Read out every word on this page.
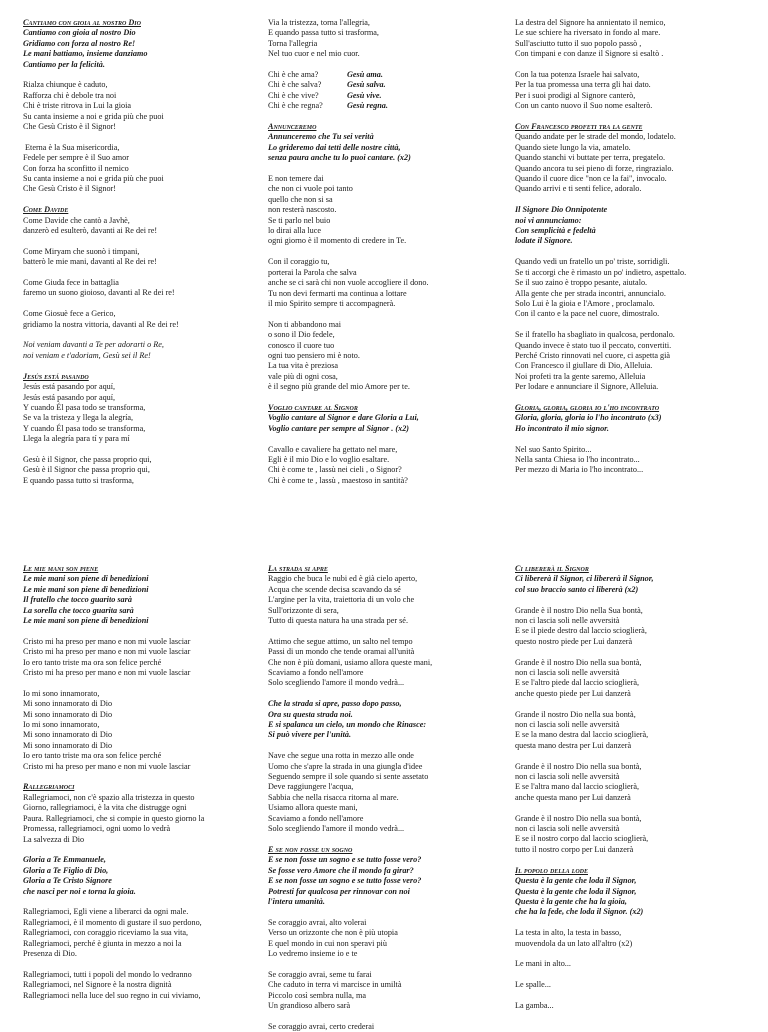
Cantiamo con gioia al nostro Dio
Cantiamo con gioia al nostro Dio
Gridiamo con forza al nostro Re!
Le mani battiamo, insieme danziamo
Cantiamo per la felicità.
Rialza chiunque è caduto,
Rafforza chi è debole tra noi
Chi è triste ritrova in Lui la gioia
Su canta insieme a noi e grida più che puoi
Che Gesù Cristo è il Signor!
Eterna è la Sua misericordia,
Fedele per sempre è il Suo amor
Con forza ha sconfitto il nemico
Su canta insieme a noi e grida più che puoi
Che Gesù Cristo è il Signor!
Come Davide
Come Davide che cantò a Javhè,
danzerò ed esulterò, davanti ai Re dei re!
Come Miryam che suonò i timpani,
batterò le mie mani, davanti al Re dei re!
Come Giuda fece in battaglia
faremo un suono gioioso, davanti al Re dei re!
Come Giosuè fece a Gerico,
gridiamo la nostra vittoria, davanti al Re dei re!
Noi veniam davanti a Te per adorarti o Re,
noi veniam e t'adoriam, Gesù sei il Re!
Jesús está pasando
Jesús está pasando por aquí,
Jesús está pasando por aquí,
Y cuando Él pasa todo se transforma,
Se va la tristeza y llega la alegría,
Y cuando Él pasa todo se transforma,
Llega la alegría para tí y para mí
Gesù è il Signor, che passa proprio qui,
Gesù è il Signor che passa proprio qui,
E quando passa tutto si trasforma,
Via la tristezza, torna l'allegria,
E quando passa tutto si trasforma,
Torna l'allegria
Nel tuo cuor e nel mio cuor.
Chi è che ama?	Gesù ama.
Chi è che salva?	Gesù salva.
Chi è che vive?	Gesù vive.
Chi è che regna?	Gesù regna.
Annunceremo
Annunceremo che Tu sei verità
Lo grideremo dai tetti delle nostre città,
senza paura anche tu lo puoi cantare. (x2)
E non temere dai
che non ci vuole poi tanto
quello che non si sa
non resterà nascosto.
Se ti parlo nel buio
lo dirai alla luce
ogni giorno è il momento di credere in Te.
Con il coraggio tu,
porterai la Parola che salva
anche se ci sarà chi non vuole accogliere il dono.
Tu non devi fermarti ma continua a lottare
il mio Spirito sempre ti accompagnerà.
Non ti abbandono mai
o sono il Dio fedele,
conosco il cuore tuo
ogni tuo pensiero mi è noto.
La tua vita è preziosa
vale più di ogni cosa,
è il segno più grande del mio Amore per te.
Voglio cantare al Signor
Voglio cantare al Signor e dare Gloria a Lui,
Voglio cantare per sempre al Signor . (x2)
Cavallo e cavaliere ha gettato nel mare,
Egli è il mio Dio e lo voglio esaltare.
Chi è come te , lassù nei cieli , o Signor?
Chi è come te , lassù , maestoso in santità?
La destra del Signore ha annientato il nemico,
Le sue schiere ha riversato in fondo al mare.
Sull'asciutto tutto il suo popolo passò ,
Con timpani e con danze il Signore si esaltò .
Con la tua potenza Israele hai salvato,
Per la tua promessa una terra gli hai dato.
Per i suoi prodigi al Signore canterò,
Con un canto nuovo il Suo nome esalterò.
Con Francesco profeti tra la gente
Quando andate per le strade del mondo, lodatelo.
Quando siete lungo la via, amatelo.
Quando stanchi vi buttate per terra, pregatelo.
Quando ancora tu sei pieno di forze, ringrazialo.
Quando il cuore dice "non ce la fai", invocalo.
Quando arrivi e ti senti felice, adoralo.
Il Signore Dio Onnipotente
noi vi annunciamo:
Con semplicità e fedeltà
lodate il Signore.
Quando vedi un fratello un po' triste, sorridigli.
Se ti accorgi che è rimasto un po' indietro, aspettalo.
Se il suo zaino è troppo pesante, aiutalo.
Alla gente che per strada incontri, annuncialo.
Solo Lui è la gioia e l'Amore , proclamalo.
Con il canto e la pace nel cuore, dimostralo.
Se il fratello ha sbagliato in qualcosa, perdonalo.
Quando invece è stato tuo il peccato, convertiti.
Perché Cristo rinnovati nel cuore, ci aspetta già
Con Francesco il giullare di Dio, Alleluia.
Noi profeti tra la gente saremo, Alleluia
Per lodare e annunciare il Signore, Alleluia.
Gloria, gloria, gloria io l'ho incontrato
Gloria, gloria, gloria io l'ho incontrato (x3)
Ho incontrato il mio signor.
Nel suo Santo Spirito...
Nella santa Chiesa io l'ho incontrato...
Per mezzo di Maria io l'ho incontrato...
Le mie mani son piene
Le mie mani son piene di benedizioni
Le mie mani son piene di benedizioni
Il fratello che tocco guarito sarà
La sorella che tocco guarita sarà
Le mie mani son piene di benedizioni
Cristo mi ha preso per mano e non mi vuole lasciar
Cristo mi ha preso per mano e non mi vuole lasciar
Io ero tanto triste ma ora son felice perché
Cristo mi ha preso per mano e non mi vuole lasciar
Io mi sono innamorato,
Mi sono innamorato di Dio
Mi sono innamorato di Dio
Io mi sono innamorato,
Mi sono innamorato di Dio
Mi sono innamorato di Dio
Io ero tanto triste ma ora son felice perché
Cristo mi ha preso per mano e non mi vuole lasciar
Rallegriamoci
Rallegriamoci, non c'è spazio alla tristezza in questo
Giorno, rallegriamoci, è la vita che distrugge ogni
Paura. Rallegriamoci, che si compie in questo giorno la
Promessa, rallegriamoci, ogni uomo lo vedrà
La salvezza di Dio
Gloria a Te Emmanuele,
Gloria a Te Figlio di Dio,
Gloria a Te Cristo Signore
che nasci per noi e torna la gioia.
Rallegriamoci, Egli viene a liberarci da ogni male.
Rallegriamoci, è il momento di gustare il suo perdono,
Rallegriamoci, con coraggio riceviamo la sua vita,
Rallegriamoci, perché è giunta in mezzo a noi la
Presenza di Dio.
Rallegriamoci, tutti i popoli del mondo lo vedranno
Rallegriamoci, nel Signore è la nostra dignità
Rallegriamoci nella luce del suo regno in cui viviamo,
La strada si apre
Raggio che buca le nubi ed è già cielo aperto,
Acqua che scende decisa scavando da sé
L'argine per la vita, traiettoria di un volo che
Sull'orizzonte di sera,
Tutto di questa natura ha una strada per sé.
Attimo che segue attimo, un salto nel tempo
Passi di un mondo che tende oramai all'unità
Che non è più domani, usiamo allora queste mani,
Scaviamo a fondo nell'amore
Solo scegliendo l'amore il mondo vedrà...
Che la strada si apre, passo dopo passo,
Ora su questa strada noi.
E si spalanca un cielo, un mondo che Rinasce:
Si può vivere per l'unità.
Nave che segue una rotta in mezzo alle onde
Uomo che s'apre la strada in una giungla d'idee
Seguendo sempre il sole quando si sente assetato
Deve raggiungere l'acqua,
Sabbia che nella risacca ritorna al mare.
Usiamo allora queste mani,
Scaviamo a fondo nell'amore
Solo scegliendo l'amore il mondo vedrà...
E se non fosse un sogno
E se non fosse un sogno e se tutto fosse vero?
Se fosse vero Amore che il mondo fa girar?
E se non fosse un sogno e se tutto fosse vero?
Potresti far qualcosa per rinnovar con noi
l'intera umanità.
Se coraggio avrai, alto volerai
Verso un orizzonte che non è più utopia
E quel mondo in cui non speravi più
Lo vedremo insieme io e te
Se coraggio avrai, seme tu farai
Che caduto in terra vi marcisce in umiltà
Piccolo così sembra nulla, ma
Un grandioso albero sarà
Se coraggio avrai, certo crederai
Ci libererà il Signor
Ci libererà il Signor, ci libererà il Signor,
col suo braccio santo ci libererà (x2)
Grande è il nostro Dio nella Sua bontà,
non ci lascia soli nelle avversità
E se il piede destro dal laccio scioglierà,
questo nostro piede per Lui danzerà
Grande è il nostro Dio nella sua bontà,
non ci lascia soli nelle avversità
E se l'altro piede dal laccio scioglierà,
anche questo piede per Lui danzerà
Grande il nostro Dio nella sua bontà,
non ci lascia soli nelle avversità
E se la mano destra dal laccio scioglierà,
questa mano destra per Lui danzerà
Grande è il nostro Dio nella sua bontà,
non ci lascia soli nelle avversità
E se l'altra mano dal laccio scioglierà,
anche questa mano per Lui danzerà
Grande è il nostro Dio nella sua bontà,
non ci lascia soli nelle avversità
E se il nostro corpo dal laccio scioglierà,
tutto il nostro corpo per Lui danzerà
Il popolo della lode
Questa è la gente che loda il Signor,
Questa è la gente che loda il Signor,
Questa è la gente che ha la gioia,
che ha la fede, che loda il Signor. (x2)
La testa in alto, la testa in basso,
muovendola da un lato all'altro (x2)
Le mani in alto...
Le spalle...
La gamba...
